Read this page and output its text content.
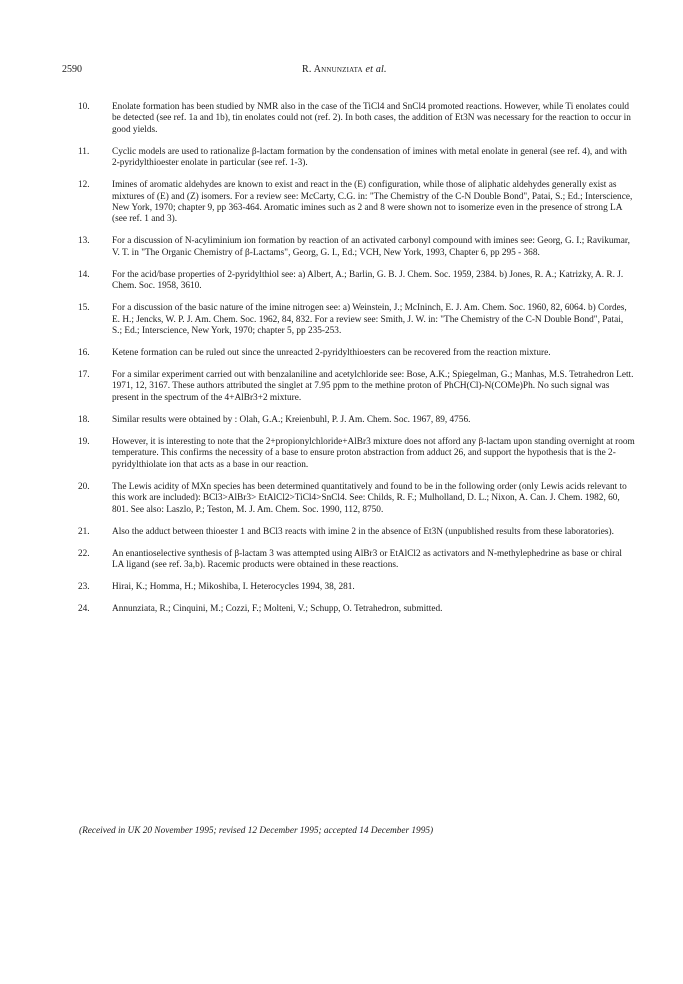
2590	R. Annunziata et al.
10. Enolate formation has been studied by NMR also in the case of the TiCl4 and SnCl4 promoted reactions. However, while Ti enolates could be detected (see ref. 1a and 1b), tin enolates could not (ref. 2). In both cases, the addition of Et3N was necessary for the reaction to occur in good yields.
11. Cyclic models are used to rationalize β-lactam formation by the condensation of imines with metal enolate in general (see ref. 4), and with 2-pyridylthioester enolate in particular (see ref. 1-3).
12. Imines of aromatic aldehydes are known to exist and react in the (E) configuration, while those of aliphatic aldehydes generally exist as mixtures of (E) and (Z) isomers. For a review see: McCarty, C.G. in: "The Chemistry of the C-N Double Bond", Patai, S.; Ed.; Interscience, New York, 1970; chapter 9, pp 363-464. Aromatic imines such as 2 and 8 were shown not to isomerize even in the presence of strong LA (see ref. 1 and 3).
13. For a discussion of N-acyliminium ion formation by reaction of an activated carbonyl compound with imines see: Georg, G. I.; Ravikumar, V. T. in "The Organic Chemistry of β-Lactams", Georg, G. I., Ed.; VCH, New York, 1993, Chapter 6, pp 295 - 368.
14. For the acid/base properties of 2-pyridylthiol see: a) Albert, A.; Barlin, G. B. J. Chem. Soc. 1959, 2384. b) Jones, R. A.; Katrizky, A. R. J. Chem. Soc. 1958, 3610.
15. For a discussion of the basic nature of the imine nitrogen see: a) Weinstein, J.; McIninch, E. J. Am. Chem. Soc. 1960, 82, 6064. b) Cordes, E. H.; Jencks, W. P. J. Am. Chem. Soc. 1962, 84, 832. For a review see: Smith, J. W. in: "The Chemistry of the C-N Double Bond", Patai, S.; Ed.; Interscience, New York, 1970; chapter 5, pp 235-253.
16. Ketene formation can be ruled out since the unreacted 2-pyridylthioesters can be recovered from the reaction mixture.
17. For a similar experiment carried out with benzalaniline and acetylchloride see: Bose, A.K.; Spiegelman, G.; Manhas, M.S. Tetrahedron Lett. 1971, 12, 3167. These authors attributed the singlet at 7.95 ppm to the methine proton of PhCH(Cl)-N(COMe)Ph. No such signal was present in the spectrum of the 4+AlBr3+2 mixture.
18. Similar results were obtained by : Olah, G.A.; Kreienbuhl, P. J. Am. Chem. Soc. 1967, 89, 4756.
19. However, it is interesting to note that the 2+propionylchloride+AlBr3 mixture does not afford any β-lactam upon standing overnight at room temperature. This confirms the necessity of a base to ensure proton abstraction from adduct 26, and support the hypothesis that is the 2-pyridylthiolate ion that acts as a base in our reaction.
20. The Lewis acidity of MXn species has been determined quantitatively and found to be in the following order (only Lewis acids relevant to this work are included): BCl3>AlBr3> EtAlCl2>TiCl4>SnCl4. See: Childs, R. F.; Mulholland, D. L.; Nixon, A. Can. J. Chem. 1982, 60, 801. See also: Laszlo, P.; Teston, M. J. Am. Chem. Soc. 1990, 112, 8750.
21. Also the adduct between thioester 1 and BCl3 reacts with imine 2 in the absence of Et3N (unpublished results from these laboratories).
22. An enantioselective synthesis of β-lactam 3 was attempted using AlBr3 or EtAlCl2 as activators and N-methylephedrine as base or chiral LA ligand (see ref. 3a,b). Racemic products were obtained in these reactions.
23. Hirai, K.; Homma, H.; Mikoshiba, I. Heterocycles 1994, 38, 281.
24. Annunziata, R.; Cinquini, M.; Cozzi, F.; Molteni, V.; Schupp, O. Tetrahedron, submitted.
(Received in UK 20 November 1995; revised 12 December 1995; accepted 14 December 1995)
